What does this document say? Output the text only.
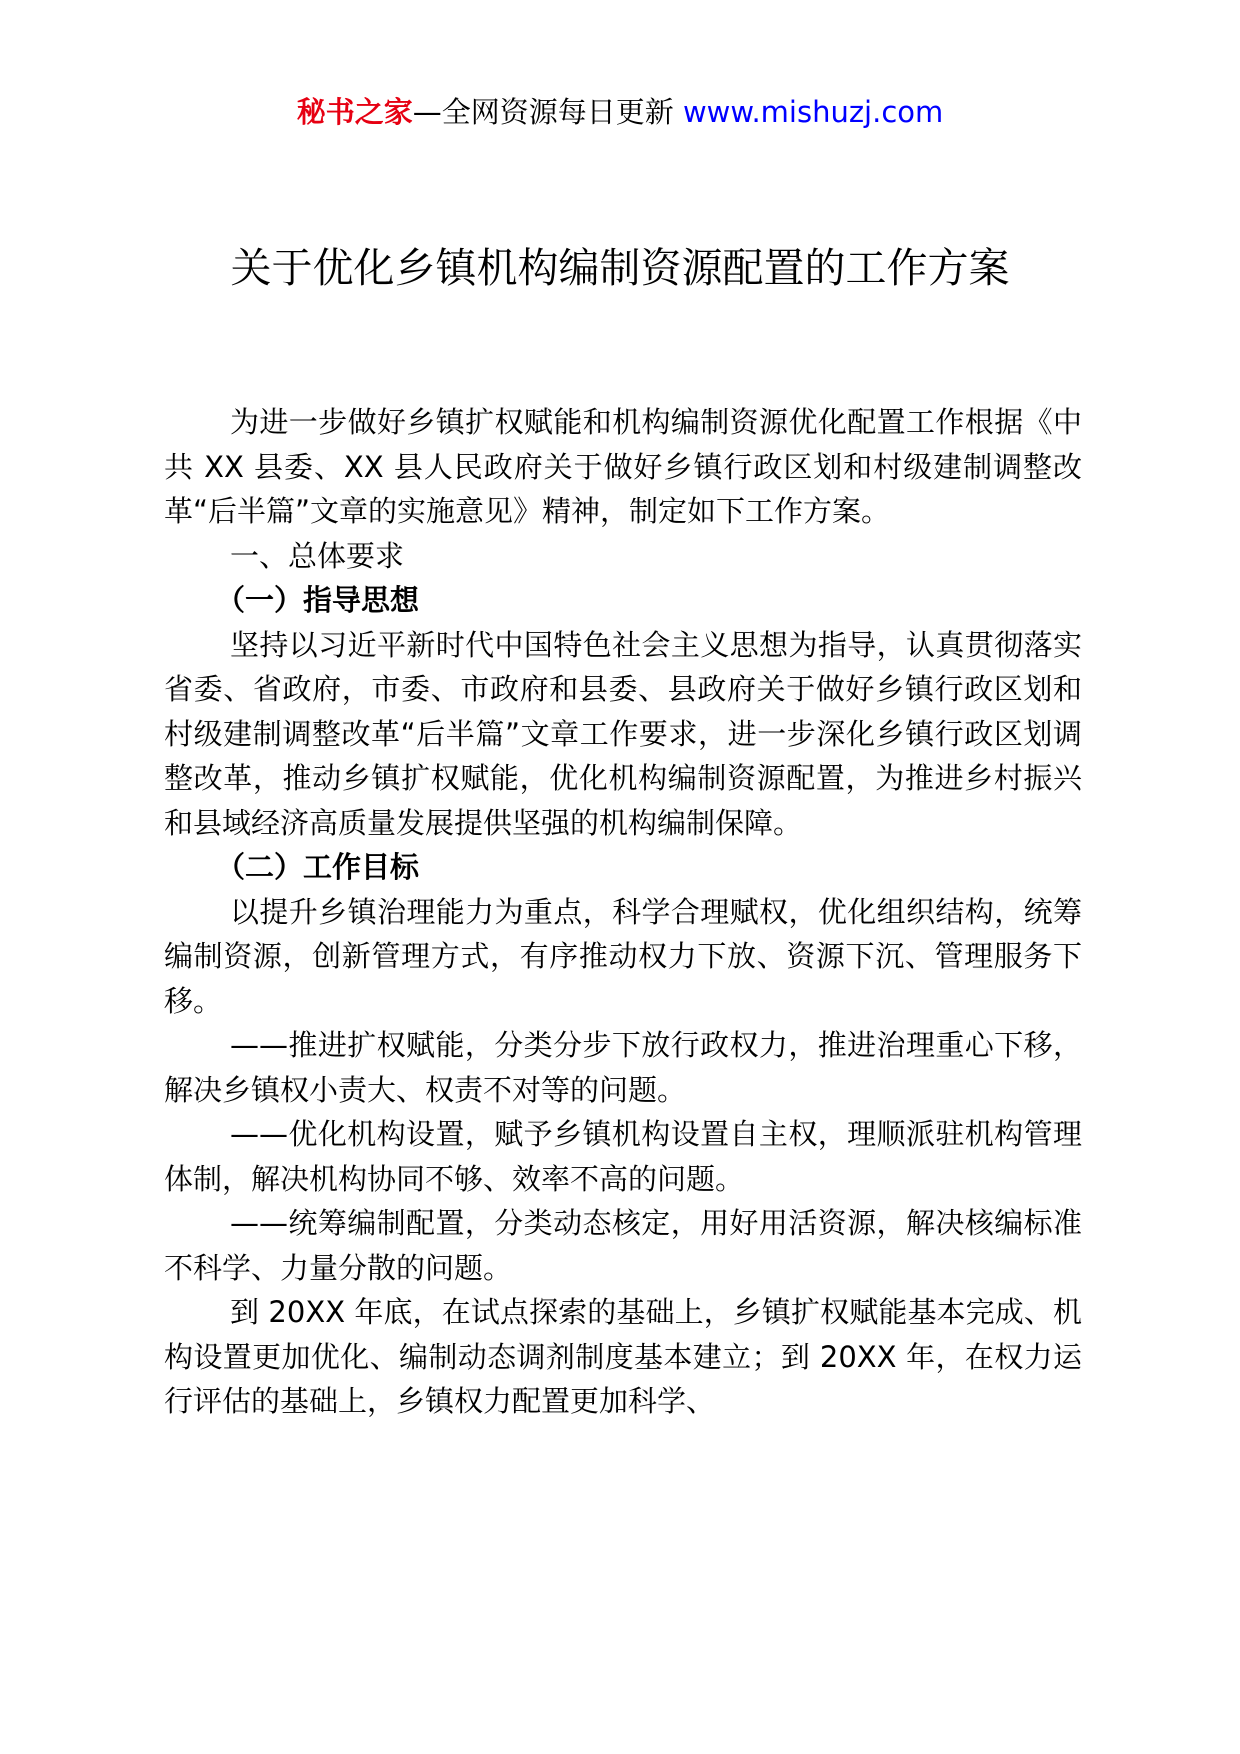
秘书之家—全网资源每日更新 www.mishuzj.com
关于优化乡镇机构编制资源配置的工作方案

为进一步做好乡镇扩权赋能和机构编制资源优化配置工作根据《中共 XX 县委、XX 县人民政府关于做好乡镇行政区划和村级建制调整改革“后半篇”文章的实施意见》精神，制定如下工作方案。

一、总体要求

（一）指导思想

坚持以习近平新时代中国特色社会主义思想为指导，认真贯彻落实省委、省政府，市委、市政府和县委、县政府关于做好乡镇行政区划和村级建制调整改革“后半篇”文章工作要求，进一步深化乡镇行政区划调整改革，推动乡镇扩权赋能，优化机构编制资源配置，为推进乡村振兴和县域经济高质量发展提供坚强的机构编制保障。

（二）工作目标

以提升乡镇治理能力为重点，科学合理赋权，优化组织结构，统筹编制资源，创新管理方式，有序推动权力下放、资源下沉、管理服务下移。

——推进扩权赋能，分类分步下放行政权力，推进治理重心下移，解决乡镇权小责大、权责不对等的问题。

——优化机构设置，赋予乡镇机构设置自主权，理顺派驻机构管理体制，解决机构协同不够、效率不高的问题。

——统筹编制配置，分类动态核定，用好用活资源，解决核编标准不科学、力量分散的问题。

到 20XX 年底，在试点探索的基础上，乡镇扩权赋能基本完成、机构设置更加优化、编制动态调剂制度基本建立；到 20XX 年，在权力运行评估的基础上，乡镇权力配置更加科学、
